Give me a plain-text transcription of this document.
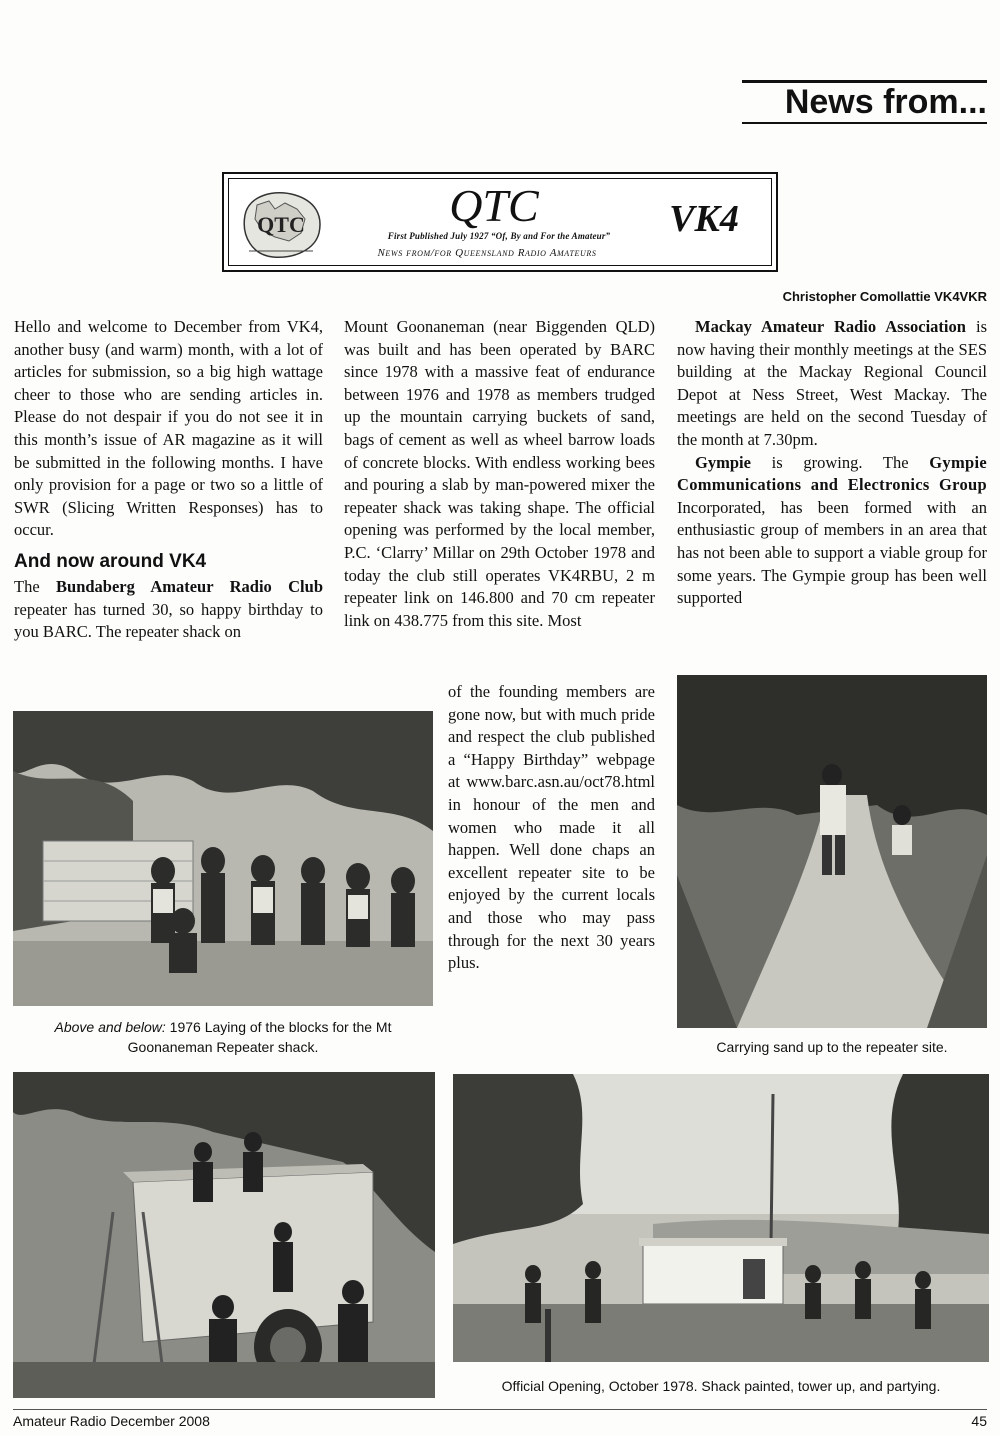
News from...
QTC	QTC
First Published July 1927 “Of, By and For the Amateur”
News from/for Queensland Radio Amateurs
VK4
Christopher Comollattie VK4VKR

Hello and welcome to December from VK4, another busy (and warm) month, with a lot of articles for submission, so a big high wattage cheer to those who are sending articles in. Please do not despair if you do not see it in this month’s issue of AR magazine as it will be submitted in the following months. I have only provision for a page or two so a little of SWR (Slicing Written Responses) has to occur.

And now around VK4

The Bundaberg Amateur Radio Club repeater has turned 30, so happy birthday to you BARC. The repeater shack on

Mount Goonaneman (near Biggenden QLD) was built and has been operated by BARC since 1978 with a massive feat of endurance between 1976 and 1978 as members trudged up the mountain carrying buckets of sand, bags of cement as well as wheel barrow loads of concrete blocks. With endless working bees and pouring a slab by man-powered mixer the repeater shack was taking shape. The official opening was performed by the local member, P.C. ‘Clarry’ Millar on 29th October 1978 and today the club still operates VK4RBU, 2 m repeater link on 146.800 and 70 cm repeater link on 438.775 from this site. Most

of the founding members are gone now, but with much pride and respect the club published a “Happy Birthday” webpage at www.barc.asn.au/oct78.html in honour of the men and women who made it all happen. Well done chaps an excellent repeater site to be enjoyed by the current locals and those who may pass through for the next 30 years plus.

Mackay Amateur Radio Association is now having their monthly meetings at the SES building at the Mackay Regional Council Depot at Ness Street, West Mackay. The meetings are held on the second Tuesday of the month at 7.30pm.

Gympie is growing. The Gympie Communications and Electronics Group Incorporated, has been formed with an enthusiastic group of members in an area that has not been able to support a viable group for some years. The Gympie group has been well supported

Above and below: 1976 Laying of the blocks for the Mt Goonaneman Repeater shack.	Carrying sand up to the repeater site.
Official Opening, October 1978. Shack painted, tower up, and partying.
Amateur Radio December 2008	45
